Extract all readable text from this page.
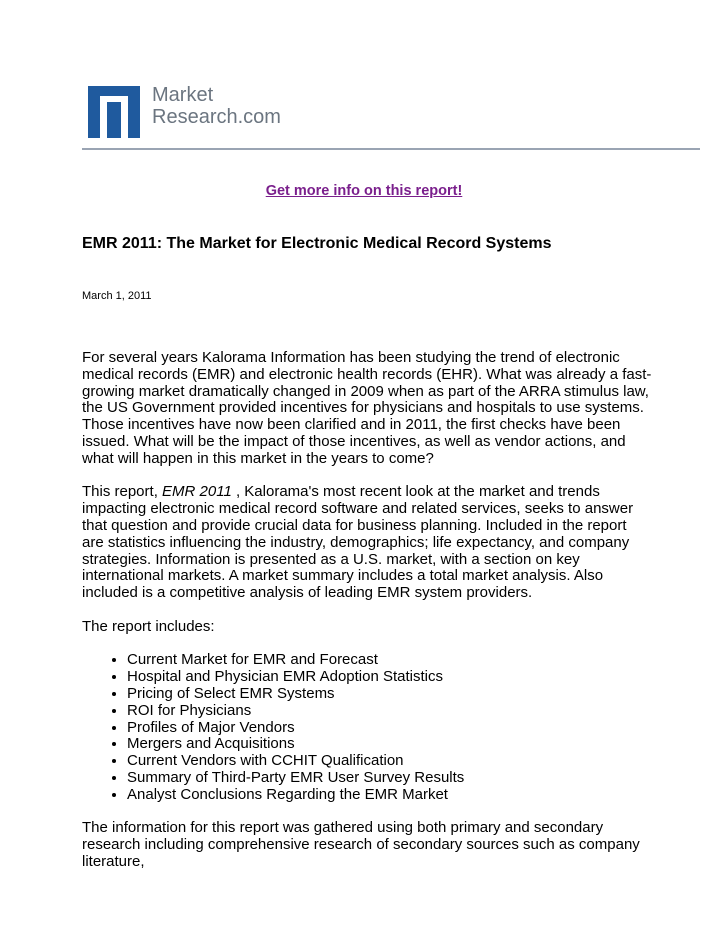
Market
Research.com
Get more info on this report!
EMR 2011: The Market for Electronic Medical Record Systems
March 1, 2011

For several years Kalorama Information has been studying the trend of electronic medical records (EMR) and electronic health records (EHR). What was already a fast-growing market dramatically changed in 2009 when as part of the ARRA stimulus law, the US Government provided incentives for physicians and hospitals to use systems. Those incentives have now been clarified and in 2011, the first checks have been issued. What will be the impact of those incentives, as well as vendor actions, and what will happen in this market in the years to come?

This report, EMR 2011 , Kalorama's most recent look at the market and trends impacting electronic medical record software and related services, seeks to answer that question and provide crucial data for business planning. Included in the report are statistics influencing the industry, demographics; life expectancy, and company strategies. Information is presented as a U.S. market, with a section on key international markets. A market summary includes a total market analysis. Also included is a competitive analysis of leading EMR system providers.

The report includes:

• Current Market for EMR and Forecast
• Hospital and Physician EMR Adoption Statistics
• Pricing of Select EMR Systems
• ROI for Physicians
• Profiles of Major Vendors
• Mergers and Acquisitions
• Current Vendors with CCHIT Qualification
• Summary of Third-Party EMR User Survey Results
• Analyst Conclusions Regarding the EMR Market

The information for this report was gathered using both primary and secondary research including comprehensive research of secondary sources such as company literature,
